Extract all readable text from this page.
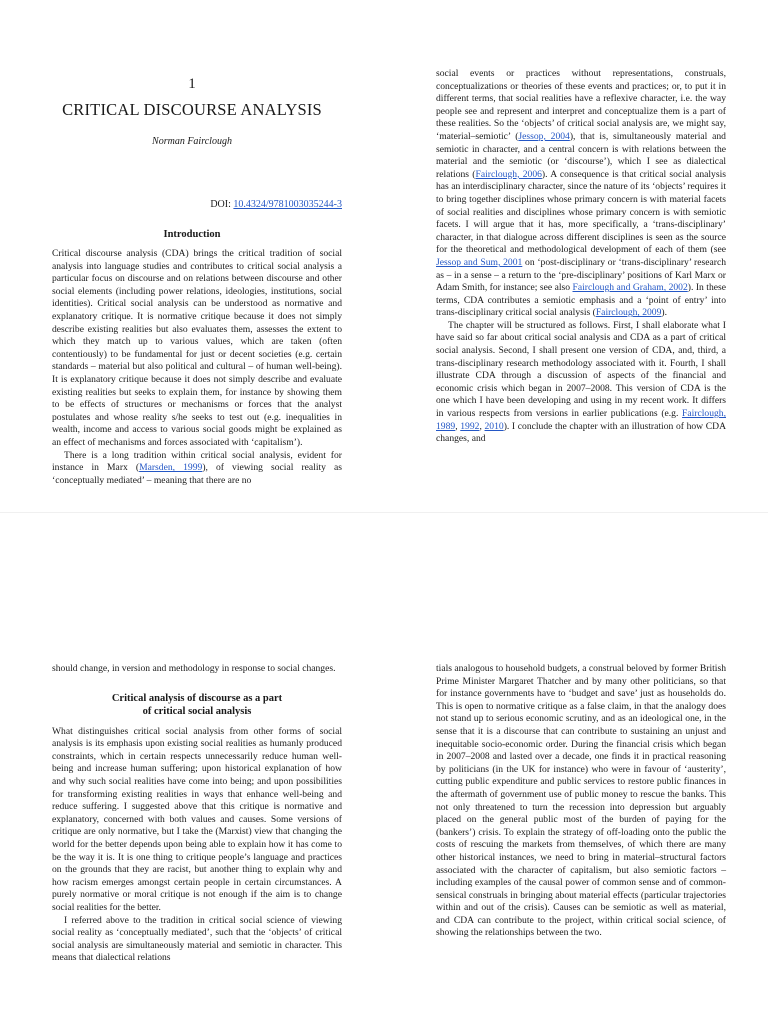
1
CRITICAL DISCOURSE ANALYSIS
Norman Fairclough
DOI: 10.4324/9781003035244-3
Introduction

Critical discourse analysis (CDA) brings the critical tradition of social analysis into language studies and contributes to critical social analysis a particular focus on discourse and on relations between discourse and other social elements (including power relations, ideologies, institutions, social identities). Critical social analysis can be understood as normative and explanatory critique. It is normative critique because it does not simply describe existing realities but also evaluates them, assesses the extent to which they match up to various values, which are taken (often contentiously) to be fundamental for just or decent societies (e.g. certain standards – material but also political and cultural – of human well-being). It is explanatory critique because it does not simply describe and evaluate existing realities but seeks to explain them, for instance by showing them to be effects of structures or mechanisms or forces that the analyst postulates and whose reality s/he seeks to test out (e.g. inequalities in wealth, income and access to various social goods might be explained as an effect of mechanisms and forces associated with ‘capitalism’).

There is a long tradition within critical social analysis, evident for instance in Marx (Marsden, 1999), of viewing social reality as ‘conceptually mediated’ – meaning that there are no

social events or practices without representations, construals, conceptualizations or theories of these events and practices; or, to put it in different terms, that social realities have a reflexive character, i.e. the way people see and represent and interpret and conceptualize them is a part of these realities. So the ‘objects’ of critical social analysis are, we might say, ‘material–semiotic’ (Jessop, 2004), that is, simultaneously material and semiotic in character, and a central concern is with relations between the material and the semiotic (or ‘discourse’), which I see as dialectical relations (Fairclough, 2006). A consequence is that critical social analysis has an interdisciplinary character, since the nature of its ‘objects’ requires it to bring together disciplines whose primary concern is with material facets of social realities and disciplines whose primary concern is with semiotic facets. I will argue that it has, more specifically, a ‘trans-disciplinary’ character, in that dialogue across different disciplines is seen as the source for the theoretical and methodological development of each of them (see Jessop and Sum, 2001 on ‘post-disciplinary or ‘trans-disciplinary’ research as – in a sense – a return to the ‘pre-disciplinary’ positions of Karl Marx or Adam Smith, for instance; see also Fairclough and Graham, 2002). In these terms, CDA contributes a semiotic emphasis and a ‘point of entry’ into trans-disciplinary critical social analysis (Fairclough, 2009).

The chapter will be structured as follows. First, I shall elaborate what I have said so far about critical social analysis and CDA as a part of critical social analysis. Second, I shall present one version of CDA, and, third, a trans-disciplinary research methodology associated with it. Fourth, I shall illustrate CDA through a discussion of aspects of the financial and economic crisis which began in 2007–2008. This version of CDA is the one which I have been developing and using in my recent work. It differs in various respects from versions in earlier publications (e.g. Fairclough, 1989, 1992, 2010). I conclude the chapter with an illustration of how CDA changes, and

should change, in version and methodology in response to social changes.

Critical analysis of discourse as a part
of critical social analysis

What distinguishes critical social analysis from other forms of social analysis is its emphasis upon existing social realities as humanly produced constraints, which in certain respects unnecessarily reduce human well-being and increase human suffering; upon historical explanation of how and why such social realities have come into being; and upon possibilities for transforming existing realities in ways that enhance well-being and reduce suffering. I suggested above that this critique is normative and explanatory, concerned with both values and causes. Some versions of critique are only normative, but I take the (Marxist) view that changing the world for the better depends upon being able to explain how it has come to be the way it is. It is one thing to critique people’s language and practices on the grounds that they are racist, but another thing to explain why and how racism emerges amongst certain people in certain circumstances. A purely normative or moral critique is not enough if the aim is to change social realities for the better.

I referred above to the tradition in critical social science of viewing social reality as ‘conceptually mediated’, such that the ‘objects’ of critical social analysis are simultaneously material and semiotic in character. This means that dialectical relations

tials analogous to household budgets, a construal beloved by former British Prime Minister Margaret Thatcher and by many other politicians, so that for instance governments have to ‘budget and save’ just as households do. This is open to normative critique as a false claim, in that the analogy does not stand up to serious economic scrutiny, and as an ideological one, in the sense that it is a discourse that can contribute to sustaining an unjust and inequitable socio-economic order. During the financial crisis which began in 2007–2008 and lasted over a decade, one finds it in practical reasoning by politicians (in the UK for instance) who were in favour of ‘austerity’, cutting public expenditure and public services to restore public finances in the aftermath of government use of public money to rescue the banks. This not only threatened to turn the recession into depression but arguably placed on the general public most of the burden of paying for the (bankers’) crisis. To explain the strategy of off-loading onto the public the costs of rescuing the markets from themselves, of which there are many other historical instances, we need to bring in material–structural factors associated with the character of capitalism, but also semiotic factors – including examples of the causal power of common sense and of common-sensical construals in bringing about material effects (particular trajectories within and out of the crisis). Causes can be semiotic as well as material, and CDA can contribute to the project, within critical social science, of showing the relationships between the two.
